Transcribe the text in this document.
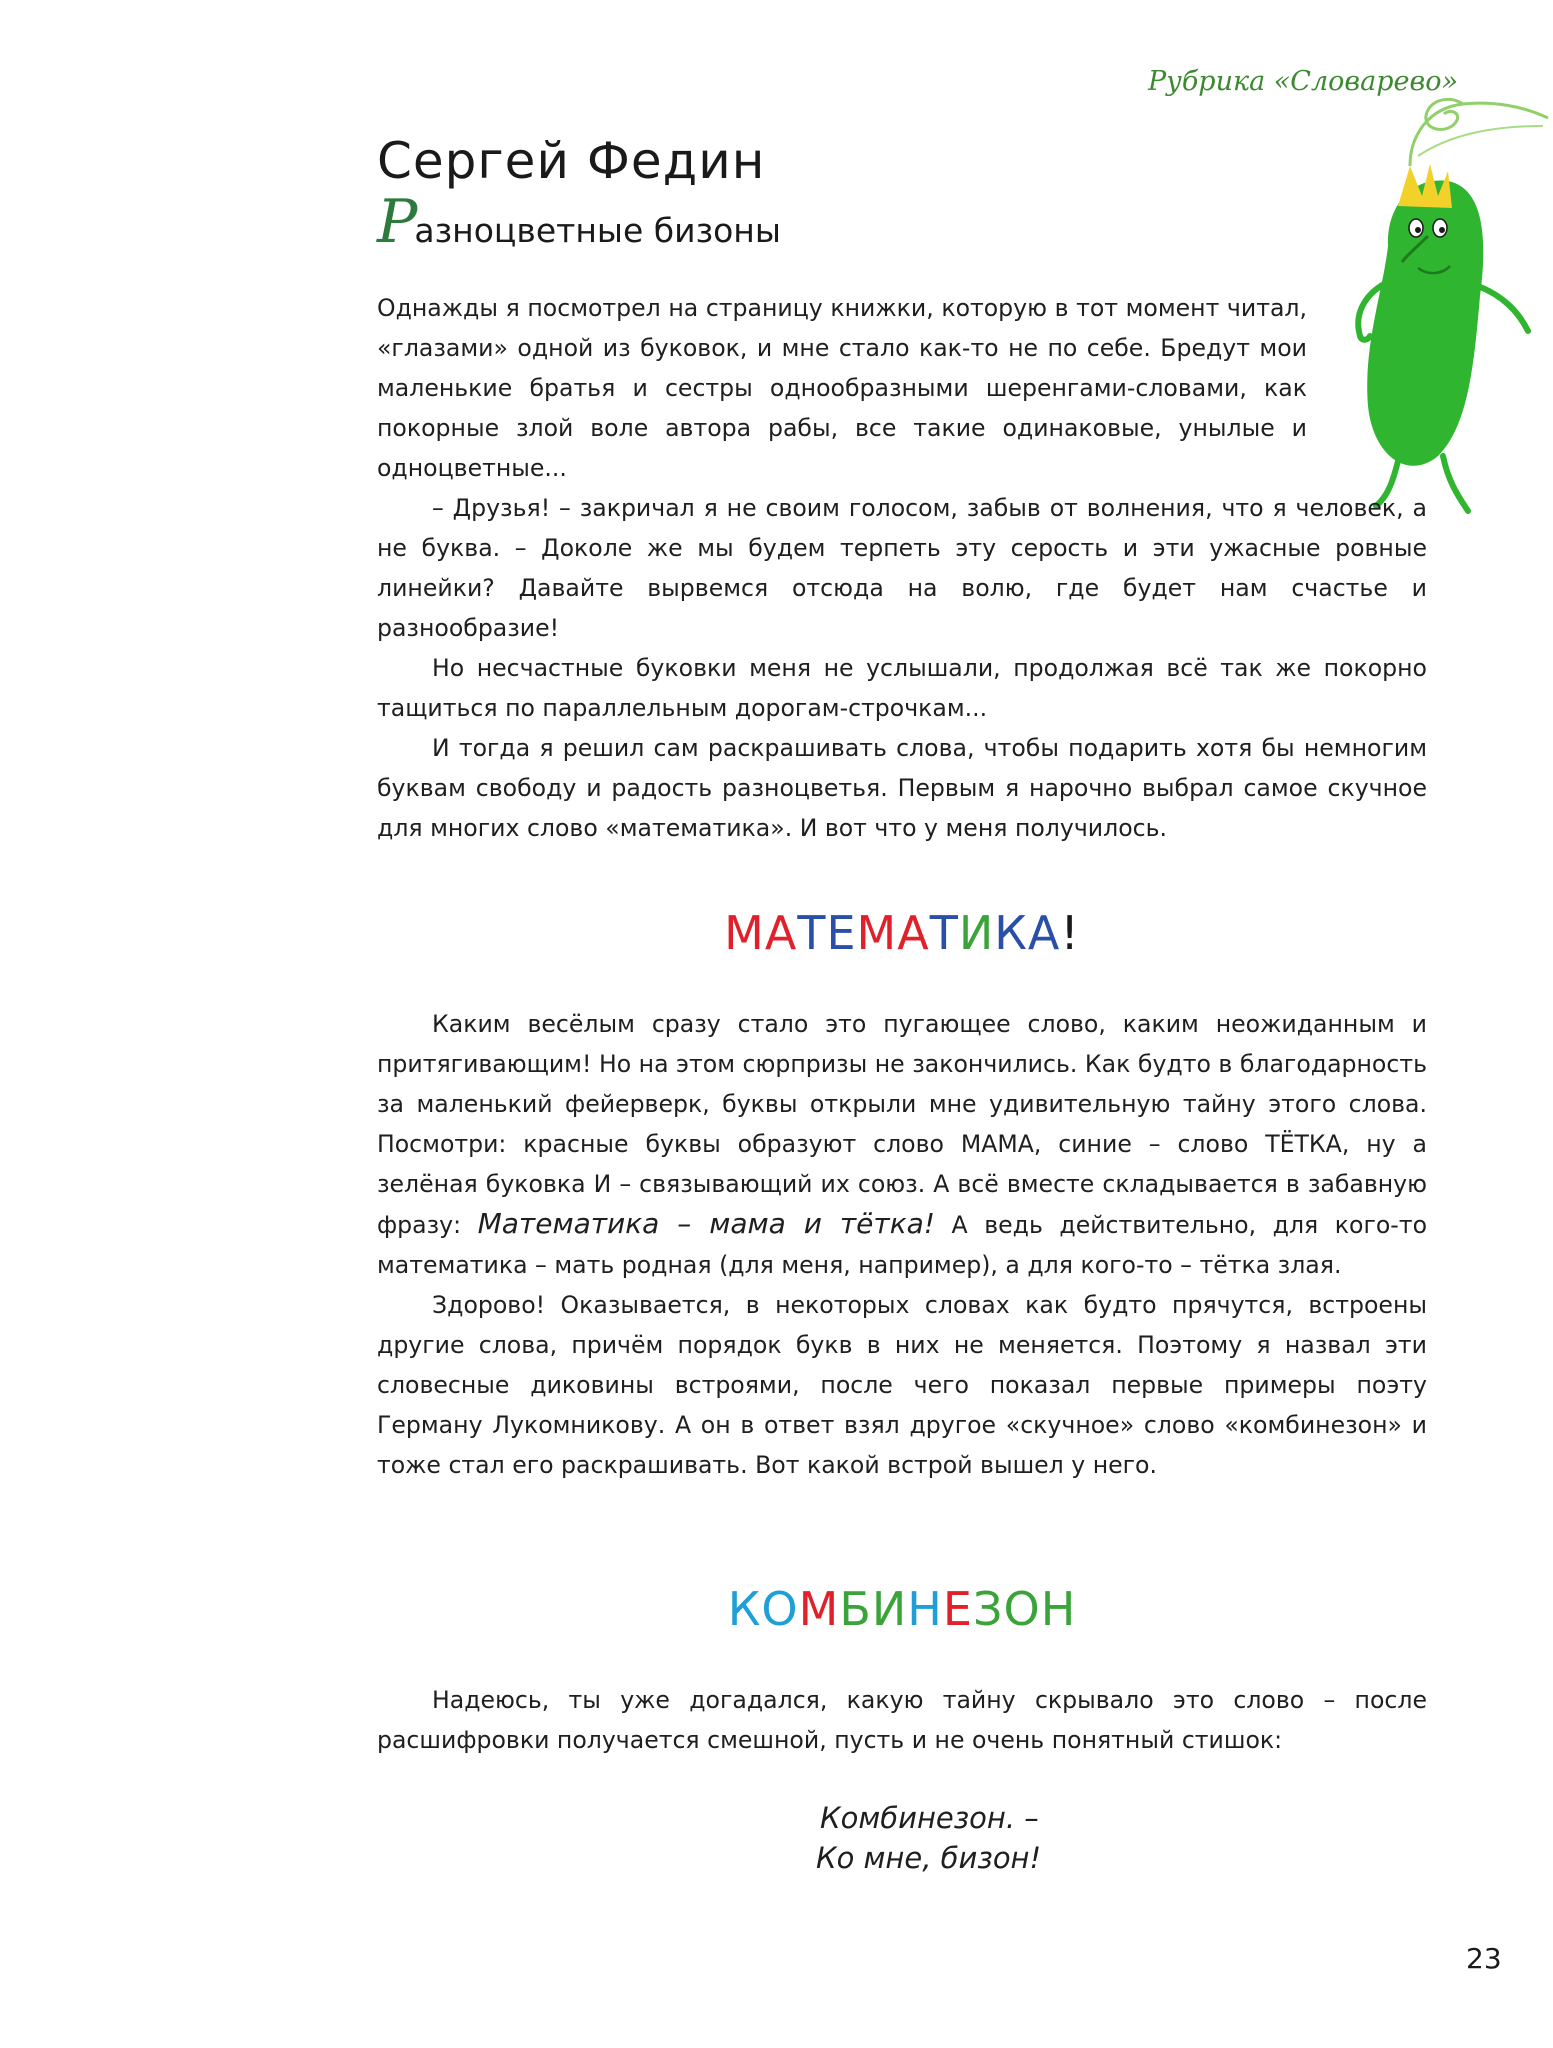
Рубрика «Словарево»
Сергей Федин
Разноцветные бизоны

Однажды я посмотрел на страницу книжки, которую в тот момент читал, «глазами» одной из буковок, и мне стало как-то не по себе. Бредут мои маленькие братья и сестры однообразными шеренгами-словами, как покорные злой воле автора рабы, все такие одинаковые, унылые и одноцветные...

– Друзья! – закричал я не своим голосом, забыв от волнения, что я человек, а не буква. – Доколе же мы будем терпеть эту серость и эти ужасные ровные линейки? Давайте вырвемся отсюда на волю, где будет нам счастье и разнообразие!

Но несчастные буковки меня не услышали, продолжая всё так же покорно тащиться по параллельным дорогам-строчкам...

И тогда я решил сам раскрашивать слова, чтобы подарить хотя бы немногим буквам свободу и радость разноцветья. Первым я нарочно выбрал самое скучное для многих слово «математика». И вот что у меня получилось.

МАТЕМАТИКА!

Каким весёлым сразу стало это пугающее слово, каким неожиданным и притягивающим! Но на этом сюрпризы не закончились. Как будто в благодарность за маленький фейерверк, буквы открыли мне удивительную тайну этого слова. Посмотри: красные буквы образуют слово МАМА, синие – слово ТЁТКА, ну а зелёная буковка И – связывающий их союз. А всё вместе складывается в забавную фразу: Математика – мама и тётка! А ведь действительно, для кого-то математика – мать родная (для меня, например), а для кого-то – тётка злая.

Здорово! Оказывается, в некоторых словах как будто прячутся, встроены другие слова, причём порядок букв в них не меняется. Поэтому я назвал эти словесные диковины встроями, после чего показал первые примеры поэту Герману Лукомникову. А он в ответ взял другое «скучное» слово «комбинезон» и тоже стал его раскрашивать. Вот какой встрой вышел у него.

КОМБИНЕЗОН

Надеюсь, ты уже догадался, какую тайну скрывало это слово – после расшифровки получается смешной, пусть и не очень понятный стишок:

Комбинезон. –
Ко мне, бизон!
23
